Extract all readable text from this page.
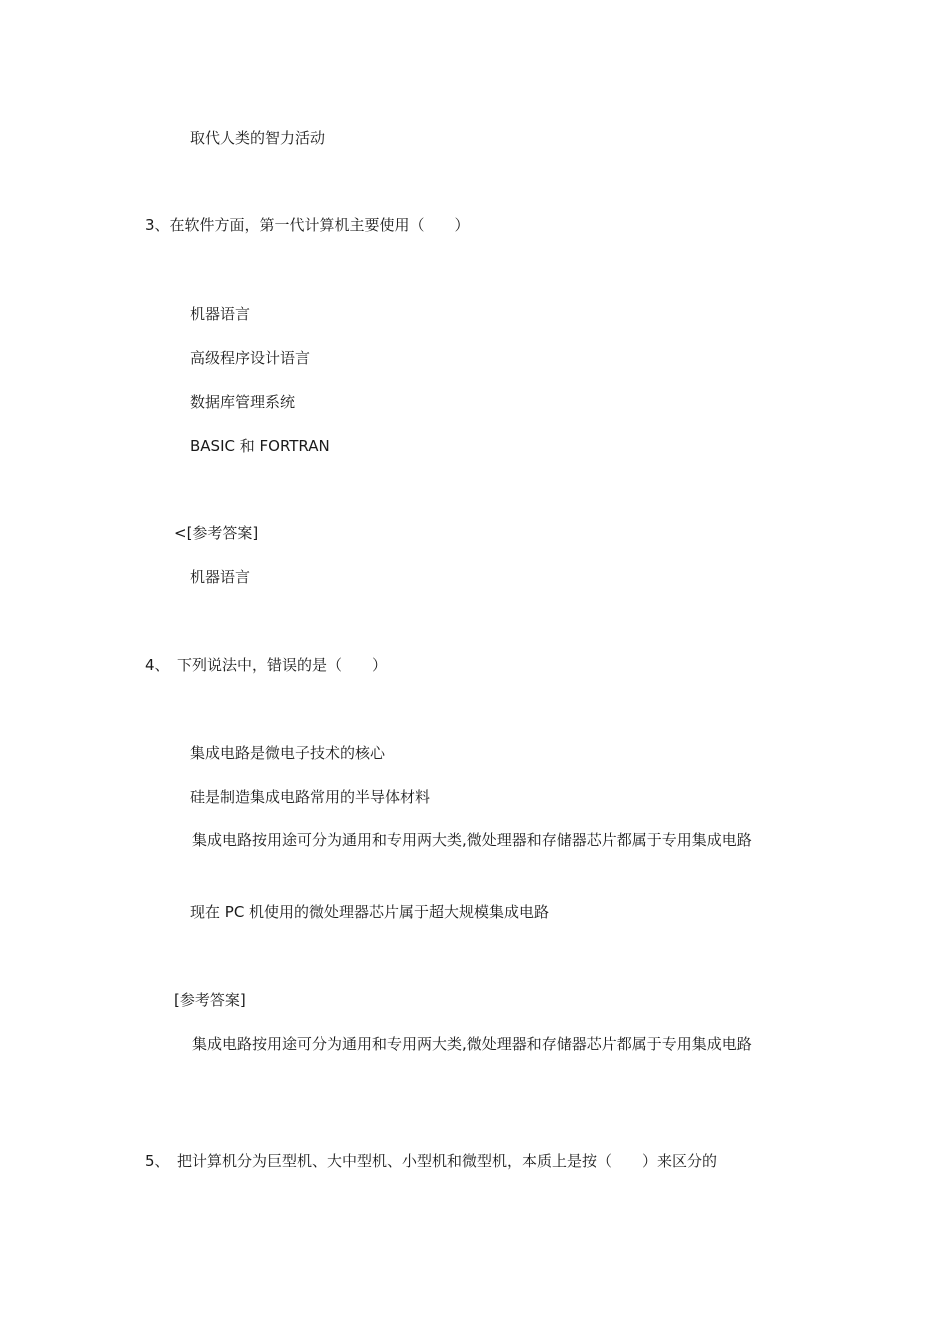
取代人类的智力活动
3、在软件方面，第一代计算机主要使用（　　）
机器语言
高级程序设计语言
数据库管理系统
BASIC 和 FORTRAN
<[参考答案]
机器语言
4、　下列说法中，错误的是（　　）
集成电路是微电子技术的核心
硅是制造集成电路常用的半导体材料
集成电路按用途可分为通用和专用两大类,微处理器和存储器芯片都属于专用集成电路
现在 PC 机使用的微处理器芯片属于超大规模集成电路
[参考答案]
集成电路按用途可分为通用和专用两大类,微处理器和存储器芯片都属于专用集成电路
5、　把计算机分为巨型机、大中型机、小型机和微型机，本质上是按（　　）来区分的
